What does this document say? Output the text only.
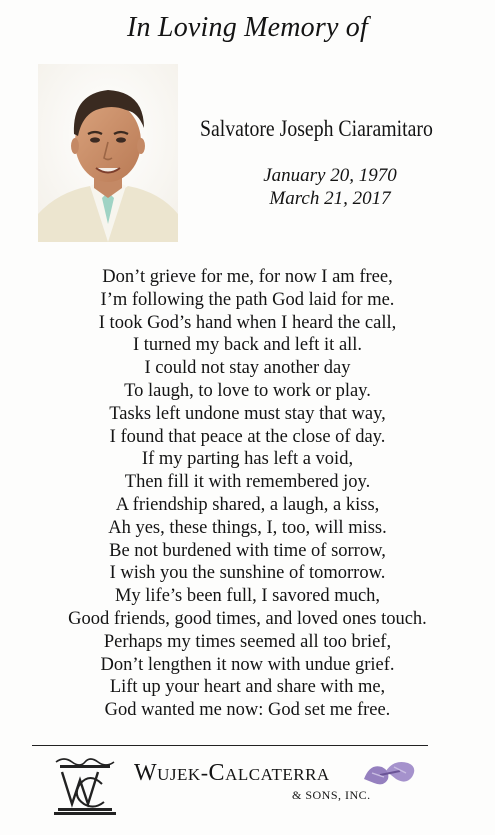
In Loving Memory of
Salvatore Joseph Ciaramitaro
January 20, 1970
March 21, 2017
Don’t grieve for me, for now I am free,
I’m following the path God laid for me.
I took God’s hand when I heard the call,
I turned my back and left it all.
I could not stay another day
To laugh, to love to work or play.
Tasks left undone must stay that way,
I found that peace at the close of day.
If my parting has left a void,
Then fill it with remembered joy.
A friendship shared, a laugh, a kiss,
Ah yes, these things, I, too, will miss.
Be not burdened with time of sorrow,
I wish you the sunshine of tomorrow.
My life’s been full, I savored much,
Good friends, good times, and loved ones touch.
Perhaps my times seemed all too brief,
Don’t lengthen it now with undue grief.
Lift up your heart and share with me,
God wanted me now: God set me free.
WUJEK-CALCATERRA
& SONS, INC.
